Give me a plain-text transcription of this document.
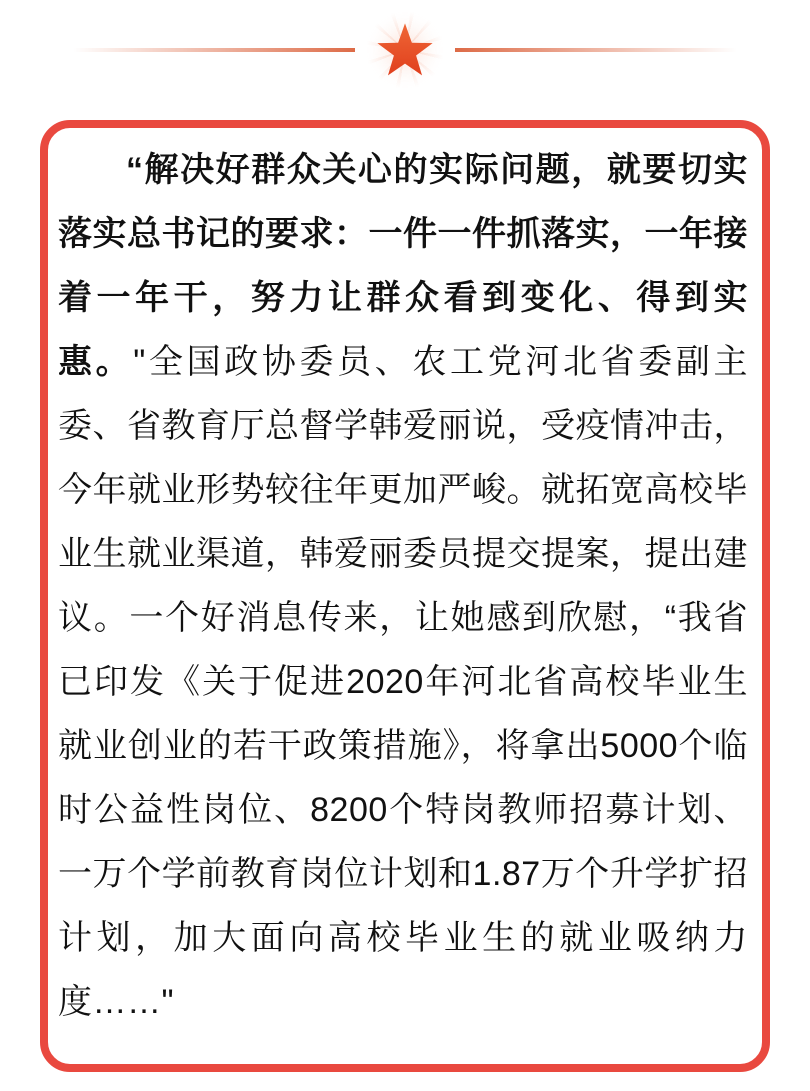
“解决好群众关心的实际问题，就要切实落实总书记的要求：一件一件抓落实，一年接着一年干，努力让群众看到变化、得到实惠。"全国政协委员、农工党河北省委副主委、省教育厅总督学韩爱丽说，受疫情冲击，今年就业形势较往年更加严峻。就拓宽高校毕业生就业渠道，韩爱丽委员提交提案，提出建议。一个好消息传来，让她感到欣慰，“我省已印发《关于促进2020年河北省高校毕业生就业创业的若干政策措施》，将拿出5000个临时公益性岗位、8200个特岗教师招募计划、一万个学前教育岗位计划和1.87万个升学扩招计划，加大面向高校毕业生的就业吸纳力度……"
